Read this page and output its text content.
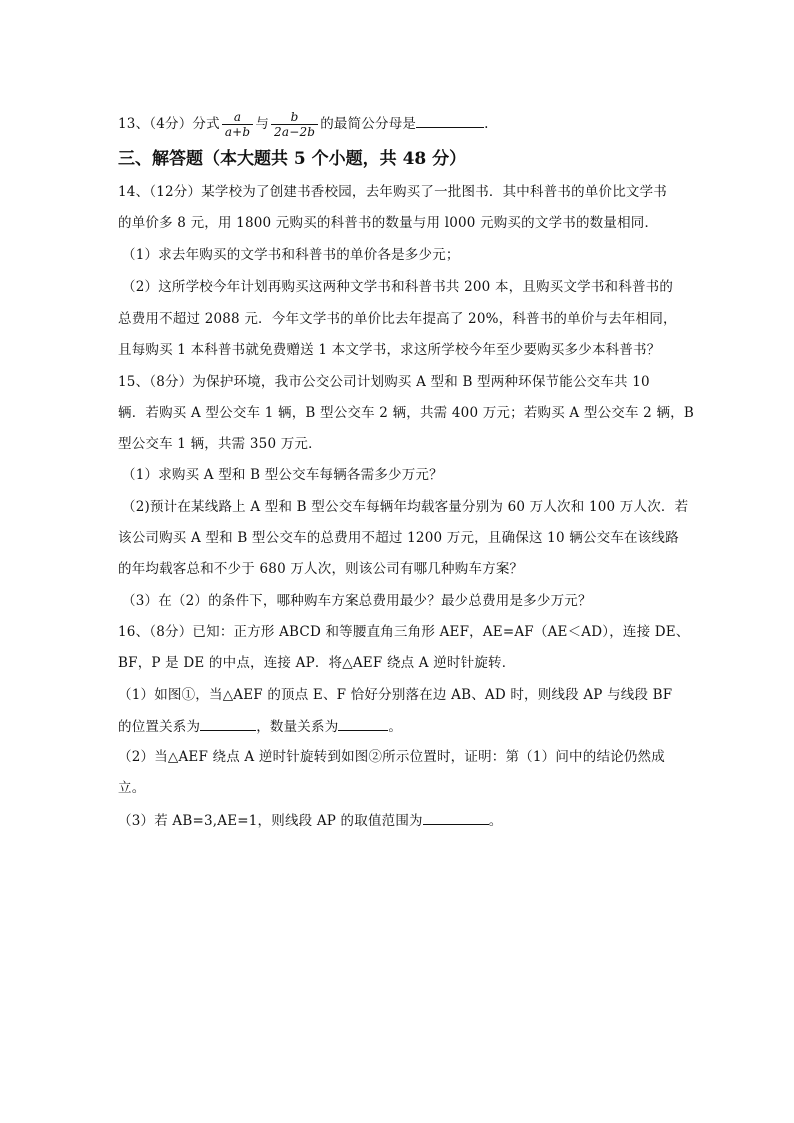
13、（4分）分式 $\frac{a}{a+b}$ 与 $\frac{b}{2a-2b}$ 的最简公分母是	.
三、解答题（本大题共 5 个小题，共 48 分）
14、（12分）某学校为了创建书香校园，去年购买了一批图书．其中科普书的单价比文学书
的单价多 8 元，用 1800 元购买的科普书的数量与用 l000 元购买的文学书的数量相同．
（1）求去年购买的文学书和科普书的单价各是多少元；
（2）这所学校今年计划再购买这两种文学书和科普书共 200 本，且购买文学书和科普书的
总费用不超过 2088 元．今年文学书的单价比去年提高了 20%，科普书的单价与去年相同，
且每购买 1 本科普书就免费赠送 1 本文学书，求这所学校今年至少要购买多少本科普书？
15、（8分）为保护环境，我市公交公司计划购买 A 型和 B 型两种环保节能公交车共 10
辆．若购买 A 型公交车 1 辆，B 型公交车 2 辆，共需 400 万元；若购买 A 型公交车 2 辆，B
型公交车 1 辆，共需 350 万元．
（1）求购买 A 型和 B 型公交车每辆各需多少万元？
（2)预计在某线路上 A 型和 B 型公交车每辆年均载客量分别为 60 万人次和 100 万人次．若
该公司购买 A 型和 B 型公交车的总费用不超过 1200 万元，且确保这 10 辆公交车在该线路
的年均载客总和不少于 680 万人次，则该公司有哪几种购车方案？
（3）在（2）的条件下，哪种购车方案总费用最少？最少总费用是多少万元？
16、（8分）已知：正方形 ABCD 和等腰直角三角形 AEF，AE=AF（AE＜AD），连接 DE、
BF，P 是 DE 的中点，连接 AP．将△AEF 绕点 A 逆时针旋转．
（1）如图①，当△AEF 的顶点 E、F 恰好分别落在边 AB、AD 时，则线段 AP 与线段 BF
的位置关系为	，数量关系为	。
（2）当△AEF 绕点 A 逆时针旋转到如图②所示位置时，证明：第（1）问中的结论仍然成
立。
（3）若 AB=3,AE=1，则线段 AP 的取值范围为	。
